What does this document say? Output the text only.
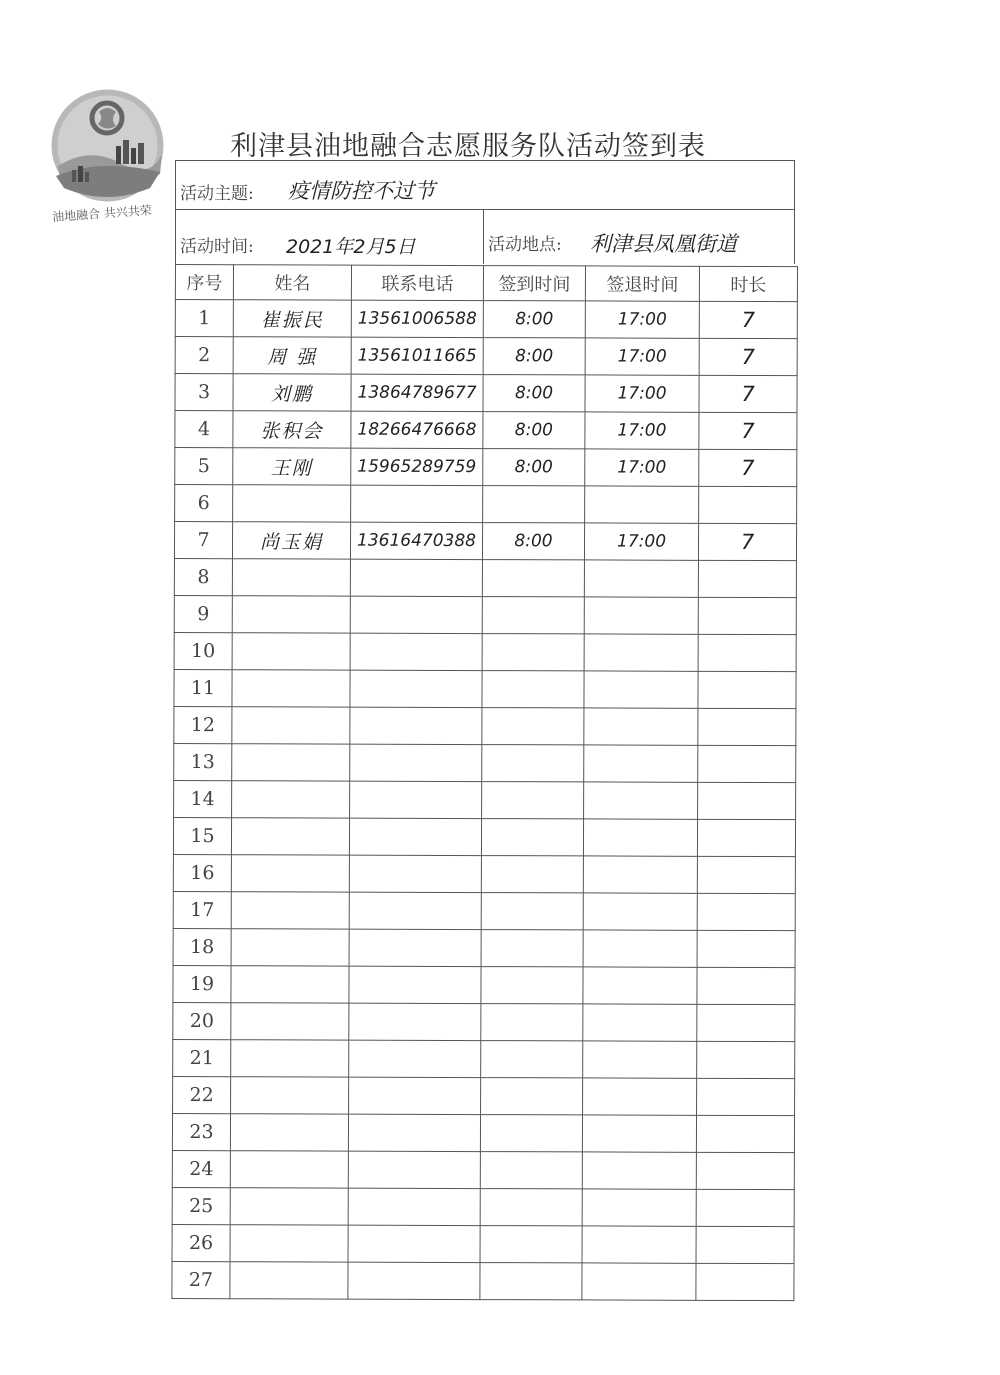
油地融合 共兴共荣
利津县油地融合志愿服务队活动签到表
活动主题: 疫情防控不过节
活动时间: 2021年2月5日	活动地点: 利津县凤凰街道
序号	姓名	联系电话	签到时间	签退时间	时长
1	崔振民	13561006588	8:00	17:00	7
2	周 强	13561011665	8:00	17:00	7
3	刘鹏	13864789677	8:00	17:00	7
4	张积会	18266476668	8:00	17:00	7
5	王刚	15965289759	8:00	17:00	7
6					
7	尚玉娟	13616470388	8:00	17:00	7
8					
9					
10					
11					
12					
13					
14					
15					
16					
17					
18					
19					
20					
21					
22					
23					
24					
25					
26					
27					
